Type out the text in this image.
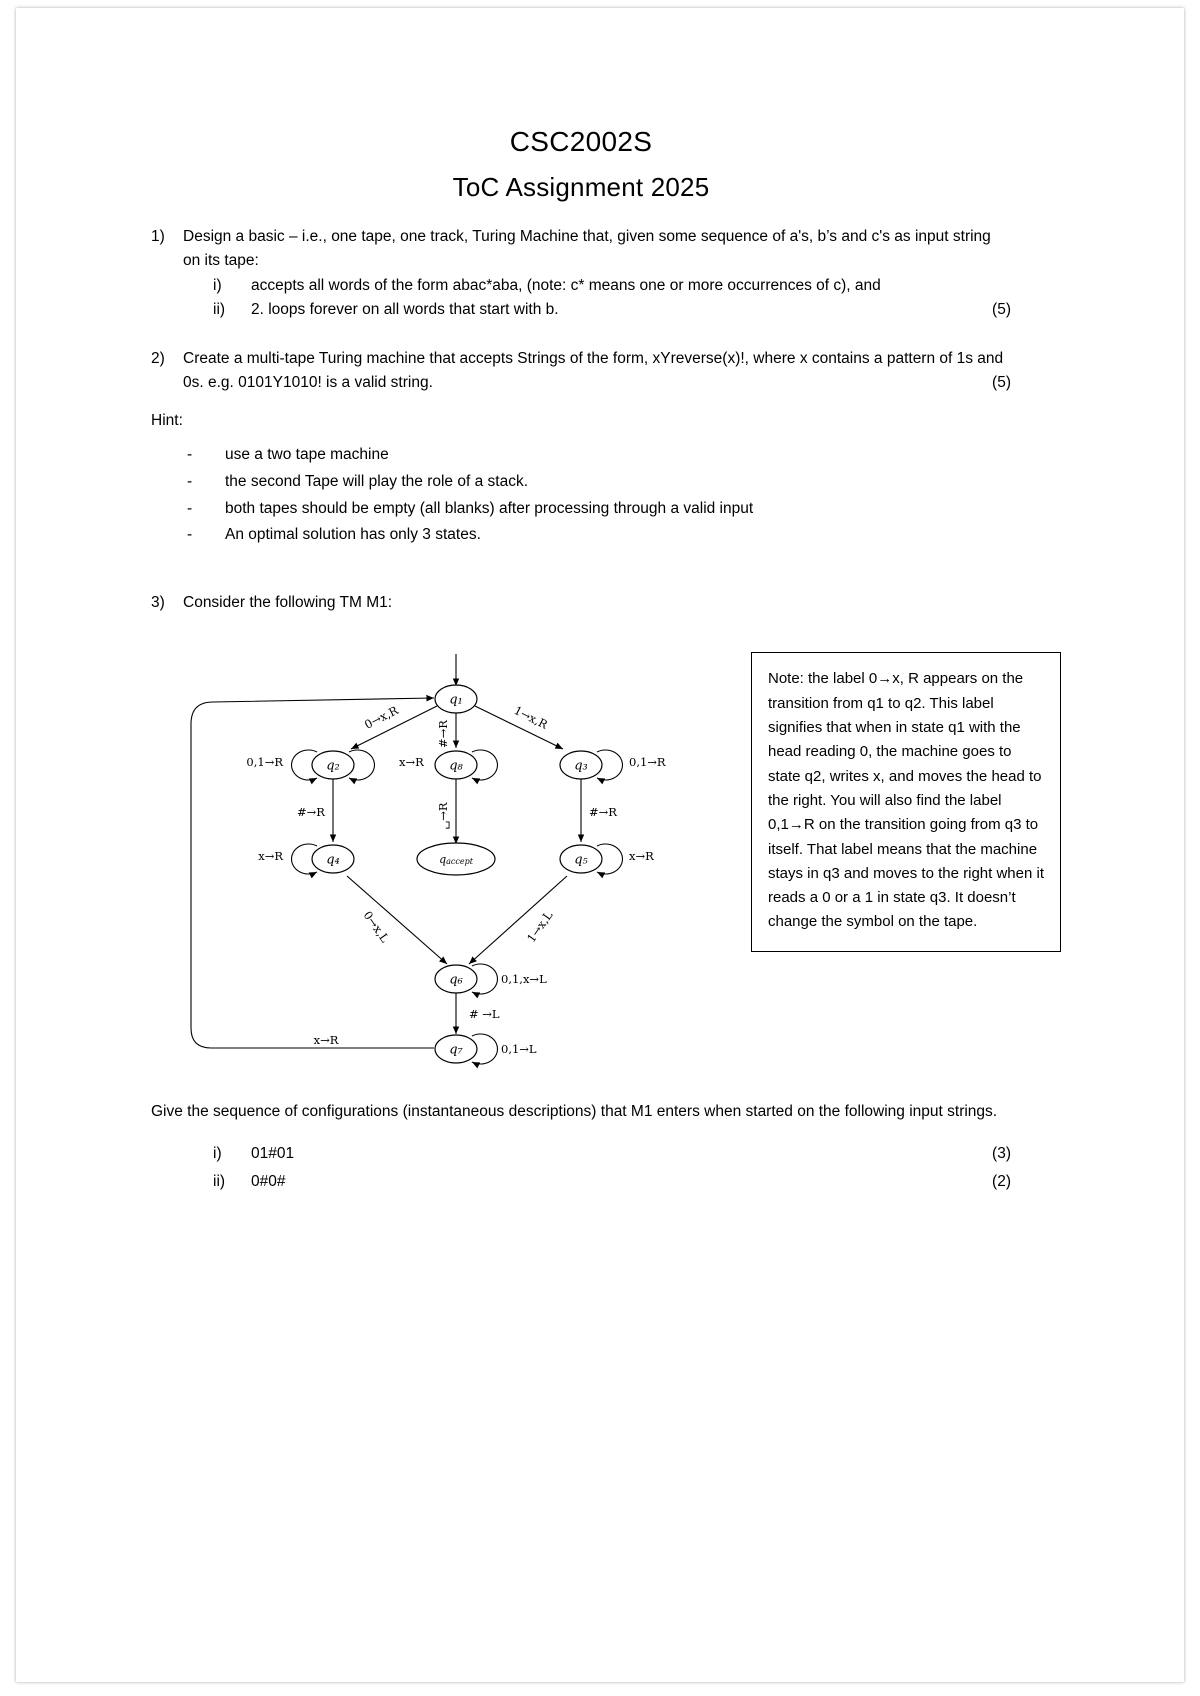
CSC2002S
ToC Assignment 2025
1)	Design a basic – i.e., one tape, one track, Turing Machine that, given some sequence of a's, b’s and c's as input string on its tape:
i)	accepts all words of the form abac*aba, (note: c* means one or more occurrences of c), and
ii)	2. loops forever on all words that start with b.	(5)
2)	Create a multi-tape Turing machine that accepts Strings of the form, xYreverse(x)!, where x contains a pattern of 1s and 0s. e.g. 0101Y1010! is a valid string.	(5)
Hint:
- use a two tape machine
- the second Tape will play the role of a stack.
- both tapes should be empty (all blanks) after processing through a valid input
- An optimal solution has only 3 states.
3)	Consider the following TM M1:
q₁
q₂	q₈	q₃
q₄	q₅
q₆
q₇
qaccept
0→x,R	1→x,R
#→R
0,1→R	0,1→R
x→R
#→R	#→R
␣→R
x→R	x→R
0→x,L	1→x,L
0,1,x→L
# →L
0,1→L
x→R
Note: the label 0→x, R appears on the transition from q1 to q2. This label signifies that when in state q1 with the head reading 0, the machine goes to state q2, writes x, and moves the head to the right. You will also find the label 0,1→R on the transition going from q3 to itself. That label means that the machine stays in q3 and moves to the right when it reads a 0 or a 1 in state q3. It doesn’t change the symbol on the tape.
Give the sequence of configurations (instantaneous descriptions) that M1 enters when started on the following input strings.
i)	01#01	(3)
ii)	0#0#	(2)
